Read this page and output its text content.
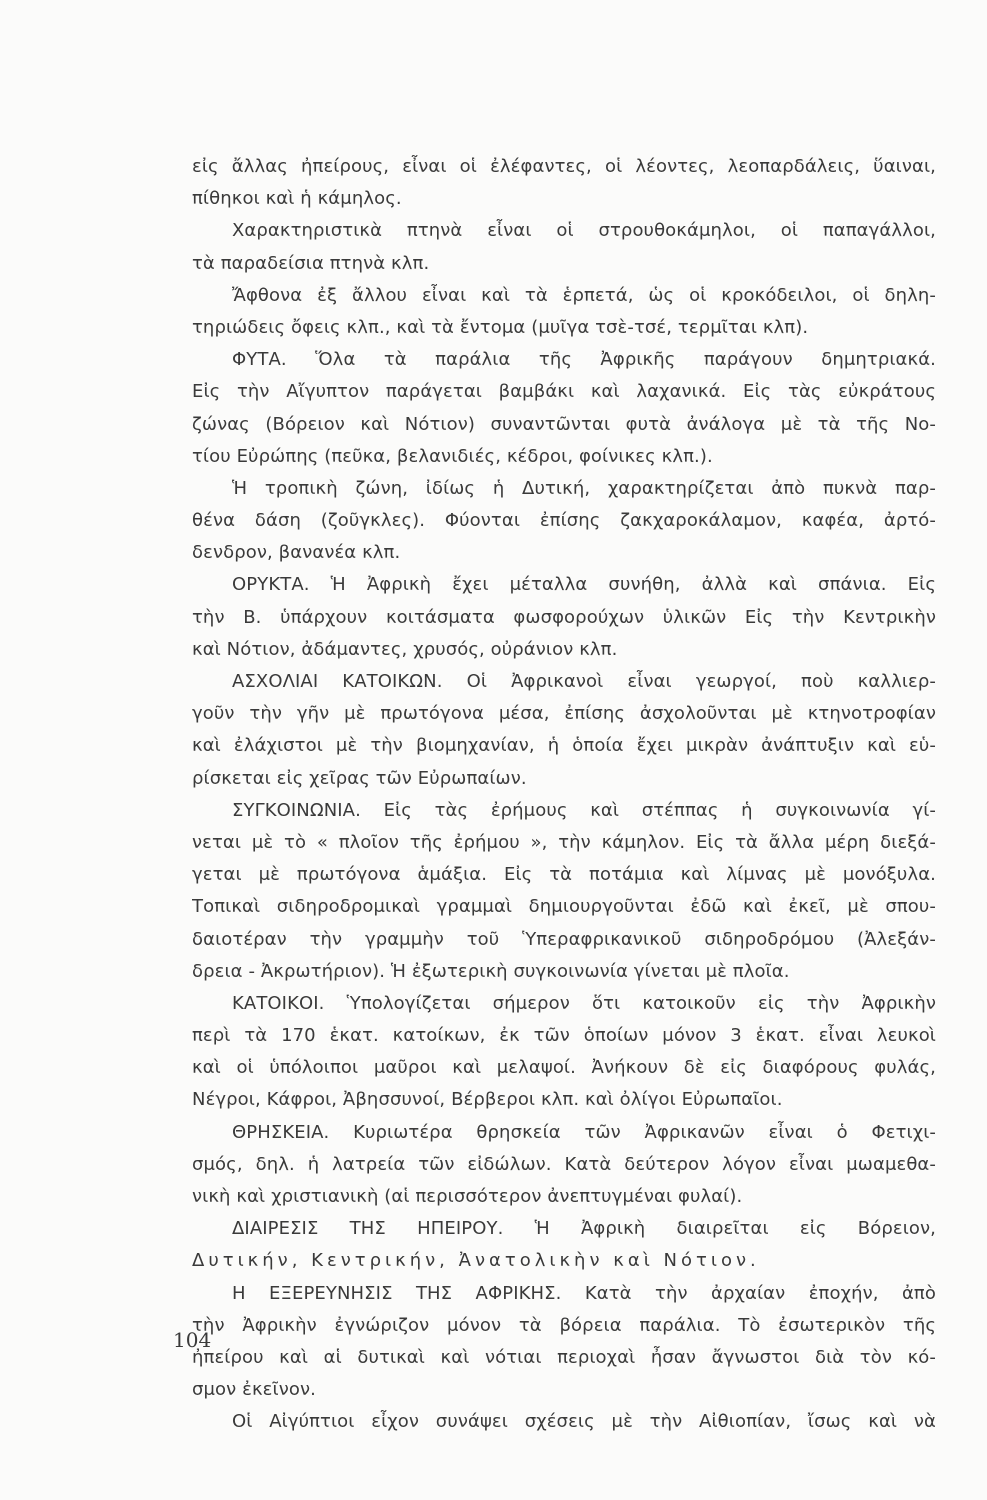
εἰς ἄλλας ἠπείρους, εἶναι οἱ ἐλέφαντες, οἱ λέοντες, λεοπαρδάλεις, ὕαιναι,
πίθηκοι καὶ ἡ κάμηλος.
Χαρακτηριστικὰ πτηνὰ εἶναι οἱ στρουθοκάμηλοι, οἱ παπαγάλλοι,
τὰ παραδείσια πτηνὰ κλπ.
Ἄφθονα ἐξ ἄλλου εἶναι καὶ τὰ ἑρπετά, ὡς οἱ κροκόδειλοι, οἱ δηλη-
τηριώδεις ὄφεις κλπ., καὶ τὰ ἔντομα (μυῖγα τσὲ-τσέ, τερμῖται κλπ).
ΦΥΤΑ. Ὅλα τὰ παράλια τῆς Ἀφρικῆς παράγουν δημητριακά.
Εἰς τὴν Αἴγυπτον παράγεται βαμβάκι καὶ λαχανικά. Εἰς τὰς εὐκράτους
ζώνας (Βόρειον καὶ Νότιον) συναντῶνται φυτὰ ἀνάλογα μὲ τὰ τῆς Νο-
τίου Εὐρώπης (πεῦκα, βελανιδιές, κέδροι, φοίνικες κλπ.).
Ἡ τροπικὴ ζώνη, ἰδίως ἡ Δυτική, χαρακτηρίζεται ἀπὸ πυκνὰ παρ-
θένα δάση (ζοῦγκλες). Φύονται ἐπίσης ζακχαροκάλαμον, καφέα, ἀρτό-
δενδρον, βανανέα κλπ.
ΟΡΥΚΤΑ. Ἡ Ἀφρικὴ ἔχει μέταλλα συνήθη, ἀλλὰ καὶ σπάνια. Εἰς
τὴν Β. ὑπάρχουν κοιτάσματα φωσφορούχων ὑλικῶν Εἰς τὴν Κεντρικὴν
καὶ Νότιον, ἀδάμαντες, χρυσός, οὐράνιον κλπ.
ΑΣΧΟΛΙΑΙ ΚΑΤΟΙΚΩΝ. Οἱ Ἀφρικανοὶ εἶναι γεωργοί, ποὺ καλλιερ-
γοῦν τὴν γῆν μὲ πρωτόγονα μέσα, ἐπίσης ἀσχολοῦνται μὲ κτηνοτροφίαν
καὶ ἐλάχιστοι μὲ τὴν βιομηχανίαν, ἡ ὁποία ἔχει μικρὰν ἀνάπτυξιν καὶ εὑ-
ρίσκεται εἰς χεῖρας τῶν Εὐρωπαίων.
ΣΥΓΚΟΙΝΩΝΙΑ. Εἰς τὰς ἐρήμους καὶ στέππας ἡ συγκοινωνία γί-
νεται μὲ τὸ « πλοῖον τῆς ἐρήμου », τὴν κάμηλον. Εἰς τὰ ἄλλα μέρη διεξά-
γεται μὲ πρωτόγονα ἁμάξια. Εἰς τὰ ποτάμια καὶ λίμνας μὲ μονόξυλα.
Τοπικαὶ σιδηροδρομικαὶ γραμμαὶ δημιουργοῦνται ἐδῶ καὶ ἐκεῖ, μὲ σπου-
δαιοτέραν τὴν γραμμὴν τοῦ Ὑπεραφρικανικοῦ σιδηροδρόμου (Ἀλεξάν-
δρεια - Ἀκρωτήριον). Ἡ ἐξωτερικὴ συγκοινωνία γίνεται μὲ πλοῖα.
ΚΑΤΟΙΚΟΙ. Ὑπολογίζεται σήμερον ὅτι κατοικοῦν εἰς τὴν Ἀφρικὴν
περὶ τὰ 170 ἑκατ. κατοίκων, ἐκ τῶν ὁποίων μόνον 3 ἑκατ. εἶναι λευκοὶ
καὶ οἱ ὑπόλοιποι μαῦροι καὶ μελαψοί. Ἀνήκουν δὲ εἰς διαφόρους φυλάς,
Νέγροι, Κάφροι, Ἀβησσυνοί, Βέρβεροι κλπ. καὶ ὀλίγοι Εὐρωπαῖοι.
ΘΡΗΣΚΕΙΑ. Κυριωτέρα θρησκεία τῶν Ἀφρικανῶν εἶναι ὁ Φετιχι-
σμός, δηλ. ἡ λατρεία τῶν εἰδώλων. Κατὰ δεύτερον λόγον εἶναι μωαμεθα-
νικὴ καὶ χριστιανικὴ (αἱ περισσότερον ἀνεπτυγμέναι φυλαί).
ΔΙΑΙΡΕΣΙΣ ΤΗΣ ΗΠΕΙΡΟΥ. Ἡ Ἀφρικὴ διαιρεῖται εἰς Βόρειον,
Δυτικήν, Κεντρικήν, Ἀνατολικὴν καὶ Νότιον.
Η ΕΞΕΡΕΥΝΗΣΙΣ ΤΗΣ ΑΦΡΙΚΗΣ. Κατὰ τὴν ἀρχαίαν ἐποχήν, ἀπὸ
τὴν Ἀφρικὴν ἐγνώριζον μόνον τὰ βόρεια παράλια. Τὸ ἐσωτερικὸν τῆς
ἠπείρου καὶ αἱ δυτικαὶ καὶ νότιαι περιοχαὶ ἦσαν ἄγνωστοι διὰ τὸν κό-
σμον ἐκεῖνον.
Οἱ Αἰγύπτιοι εἶχον συνάψει σχέσεις μὲ τὴν Αἰθιοπίαν, ἴσως καὶ νὰ
104
